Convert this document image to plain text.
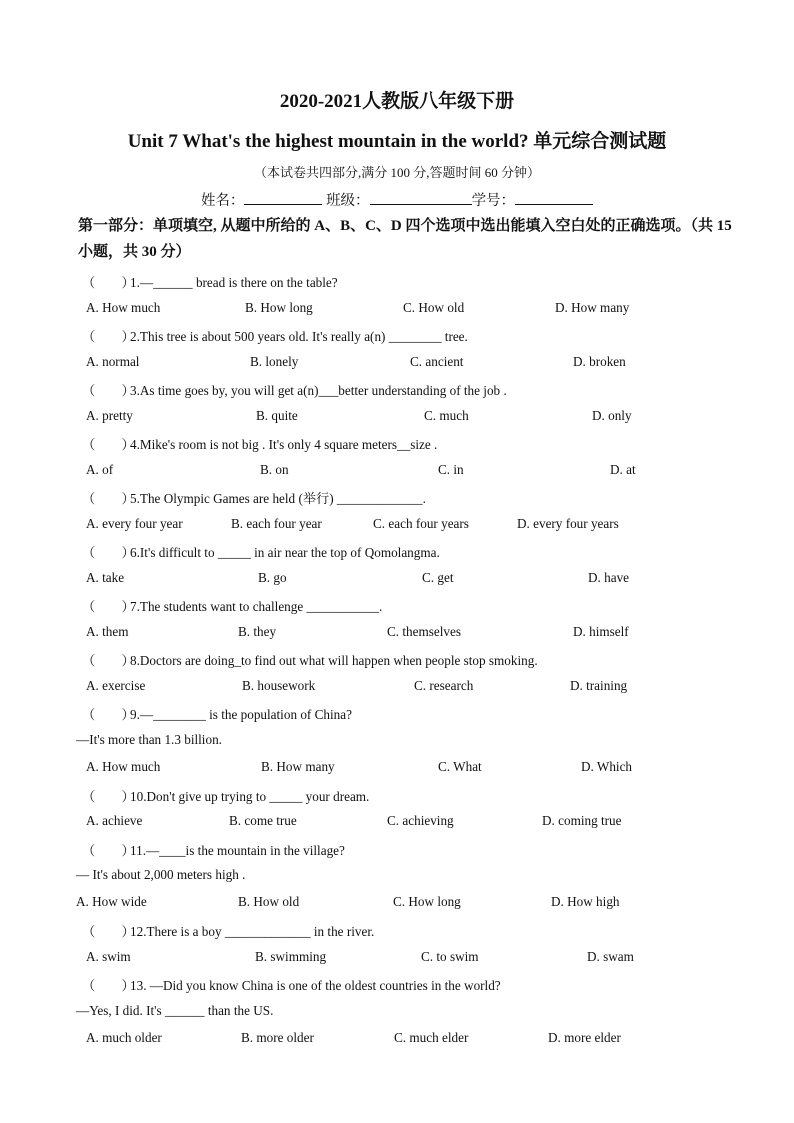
2020-2021人教版八年级下册
Unit 7 What's the highest mountain in the world? 单元综合测试题
（本试卷共四部分,满分 100 分,答题时间 60 分钟）
姓名：	班级：	学号：
第一部分：单项填空, 从题中所给的 A、B、C、D 四个选项中选出能填入空白处的正确选项。（共 15 小题，共 30 分）
（　　）1.—______ bread is there on the table?
A. How much	B. How long	C. How old	D. How many
（　　）2.This tree is about 500 years old. It's really a(n) ________ tree.
A. normal	B. lonely	C. ancient	D. broken
（　　）3.As time goes by, you will get a(n)___better understanding of the job .
A. pretty	B. quite	C. much	D. only
（　　）4.Mike's room is not big . It's only 4 square meters__size .
A. of	B. on	C. in	D. at
（　　）5.The Olympic Games are held (举行) _____________.
A. every four year	B. each four year	C. each four years	D. every four years
（　　）6.It's difficult to _____ in air near the top of Qomolangma.
A. take	B. go	C. get	D. have
（　　）7.The students want to challenge ___________.
A. them	B. they	C. themselves	D. himself
（　　）8.Doctors are doing_to find out what will happen when people stop smoking.
A. exercise	B. housework	C. research	D. training
（　　）9.—________ is the population of China?
—It's more than 1.3 billion.
A. How much	B. How many	C. What	D. Which
（　　）10.Don't give up trying to _____ your dream.
A. achieve	B. come true	C. achieving	D. coming true
（　　）11.—____is the mountain in the village?
— It's about 2,000 meters high .
A. How wide	B. How old	C. How long	D. How high
（　　）12.There is a boy _____________ in the river.
A. swim	B. swimming	C. to swim	D. swam
（　　）13. —Did you know China is one of the oldest countries in the world?
—Yes, I did. It's ______ than the US.
A. much older	B. more older	C. much elder	D. more elder
